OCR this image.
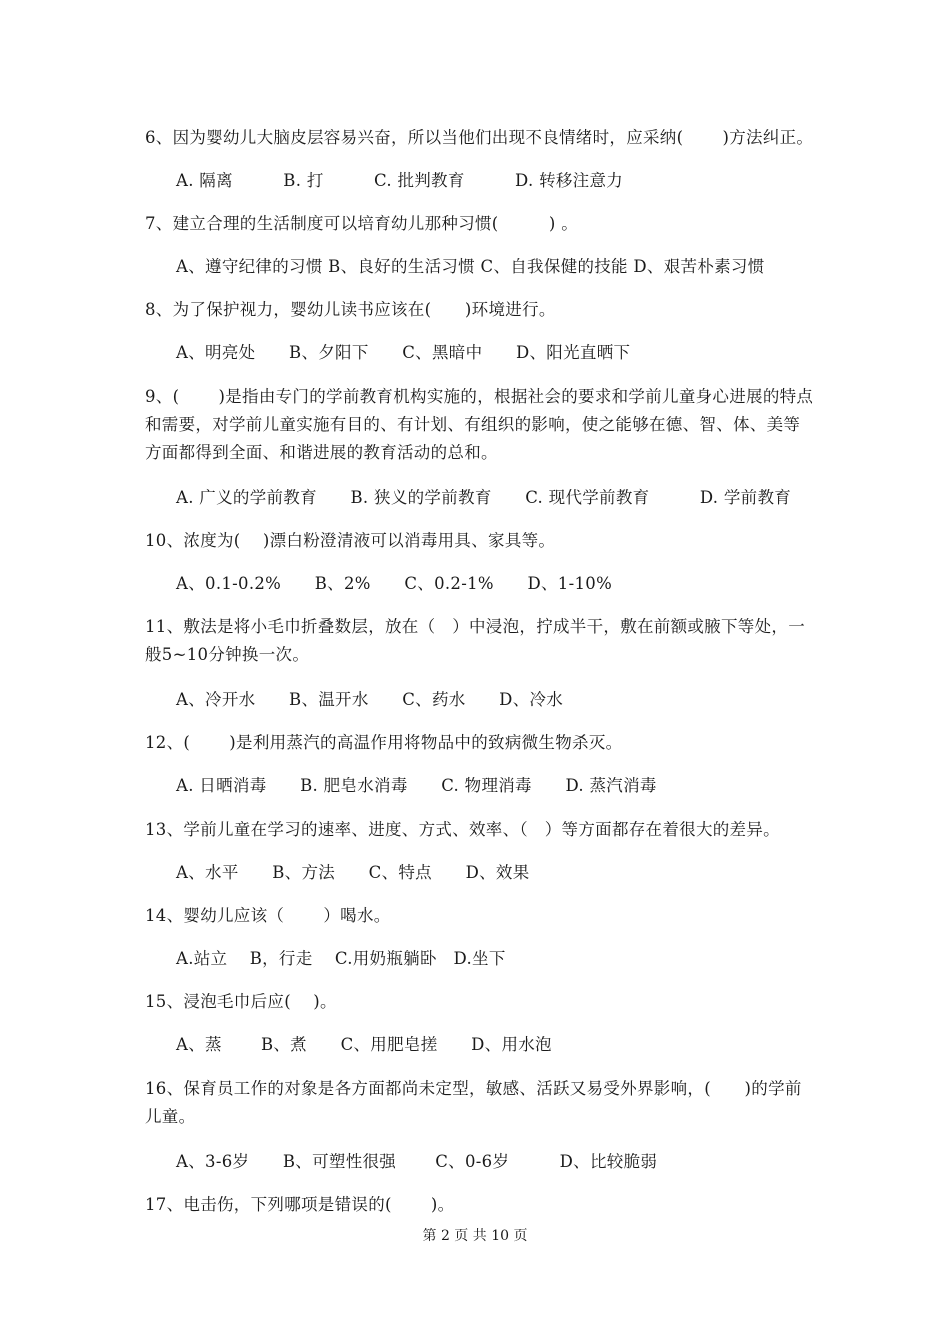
6、因为婴幼儿大脑皮层容易兴奋，所以当他们出现不良情绪时，应采纳(　　 )方法纠正。
A. 隔离　　　B. 打　　　C. 批判教育　　　D. 转移注意力
7、建立合理的生活制度可以培育幼儿那种习惯(　　　) 。
A、遵守纪律的习惯 B、良好的生活习惯 C、自我保健的技能 D、艰苦朴素习惯
8、为了保护视力，婴幼儿读书应该在(　　)环境进行。
A、明亮处　　B、夕阳下　　C、黑暗中　　D、阳光直晒下
9、(　　 )是指由专门的学前教育机构实施的，根据社会的要求和学前儿童身心进展的特点和需要，对学前儿童实施有目的、有计划、有组织的影响，使之能够在德、智、体、美等方面都得到全面、和谐进展的教育活动的总和。
A. 广义的学前教育　　B. 狭义的学前教育　　C. 现代学前教育　　　D. 学前教育
10、浓度为(　 )漂白粉澄清液可以消毒用具、家具等。
A、0.1-0.2%　　B、2%　　C、0.2-1%　　D、1-10%
11、敷法是将小毛巾折叠数层，放在（　）中浸泡，拧成半干，敷在前额或腋下等处，一般5~10分钟换一次。
A、冷开水　　B、温开水　　C、药水　　D、冷水
12、(　　 )是利用蒸汽的高温作用将物品中的致病微生物杀灭。
A. 日晒消毒　　B. 肥皂水消毒　　C. 物理消毒　　D. 蒸汽消毒
13、学前儿童在学习的速率、进度、方式、效率、（　）等方面都存在着很大的差异。
A、水平　　B、方法　　C、特点　　D、效果
14、婴幼儿应该（　　 ）喝水。
A.站立　 B，行走　 C.用奶瓶躺卧　D.坐下
15、浸泡毛巾后应(　 )。
A、蒸　　 B、煮　　C、用肥皂搓　　D、用水泡
16、保育员工作的对象是各方面都尚未定型，敏感、活跃又易受外界影响，(　　)的学前儿童。
A、3-6岁　　B、可塑性很强　　 C、0-6岁　　　D、比较脆弱
17、电击伤，下列哪项是错误的(　　 )。
第 2 页 共 10 页
